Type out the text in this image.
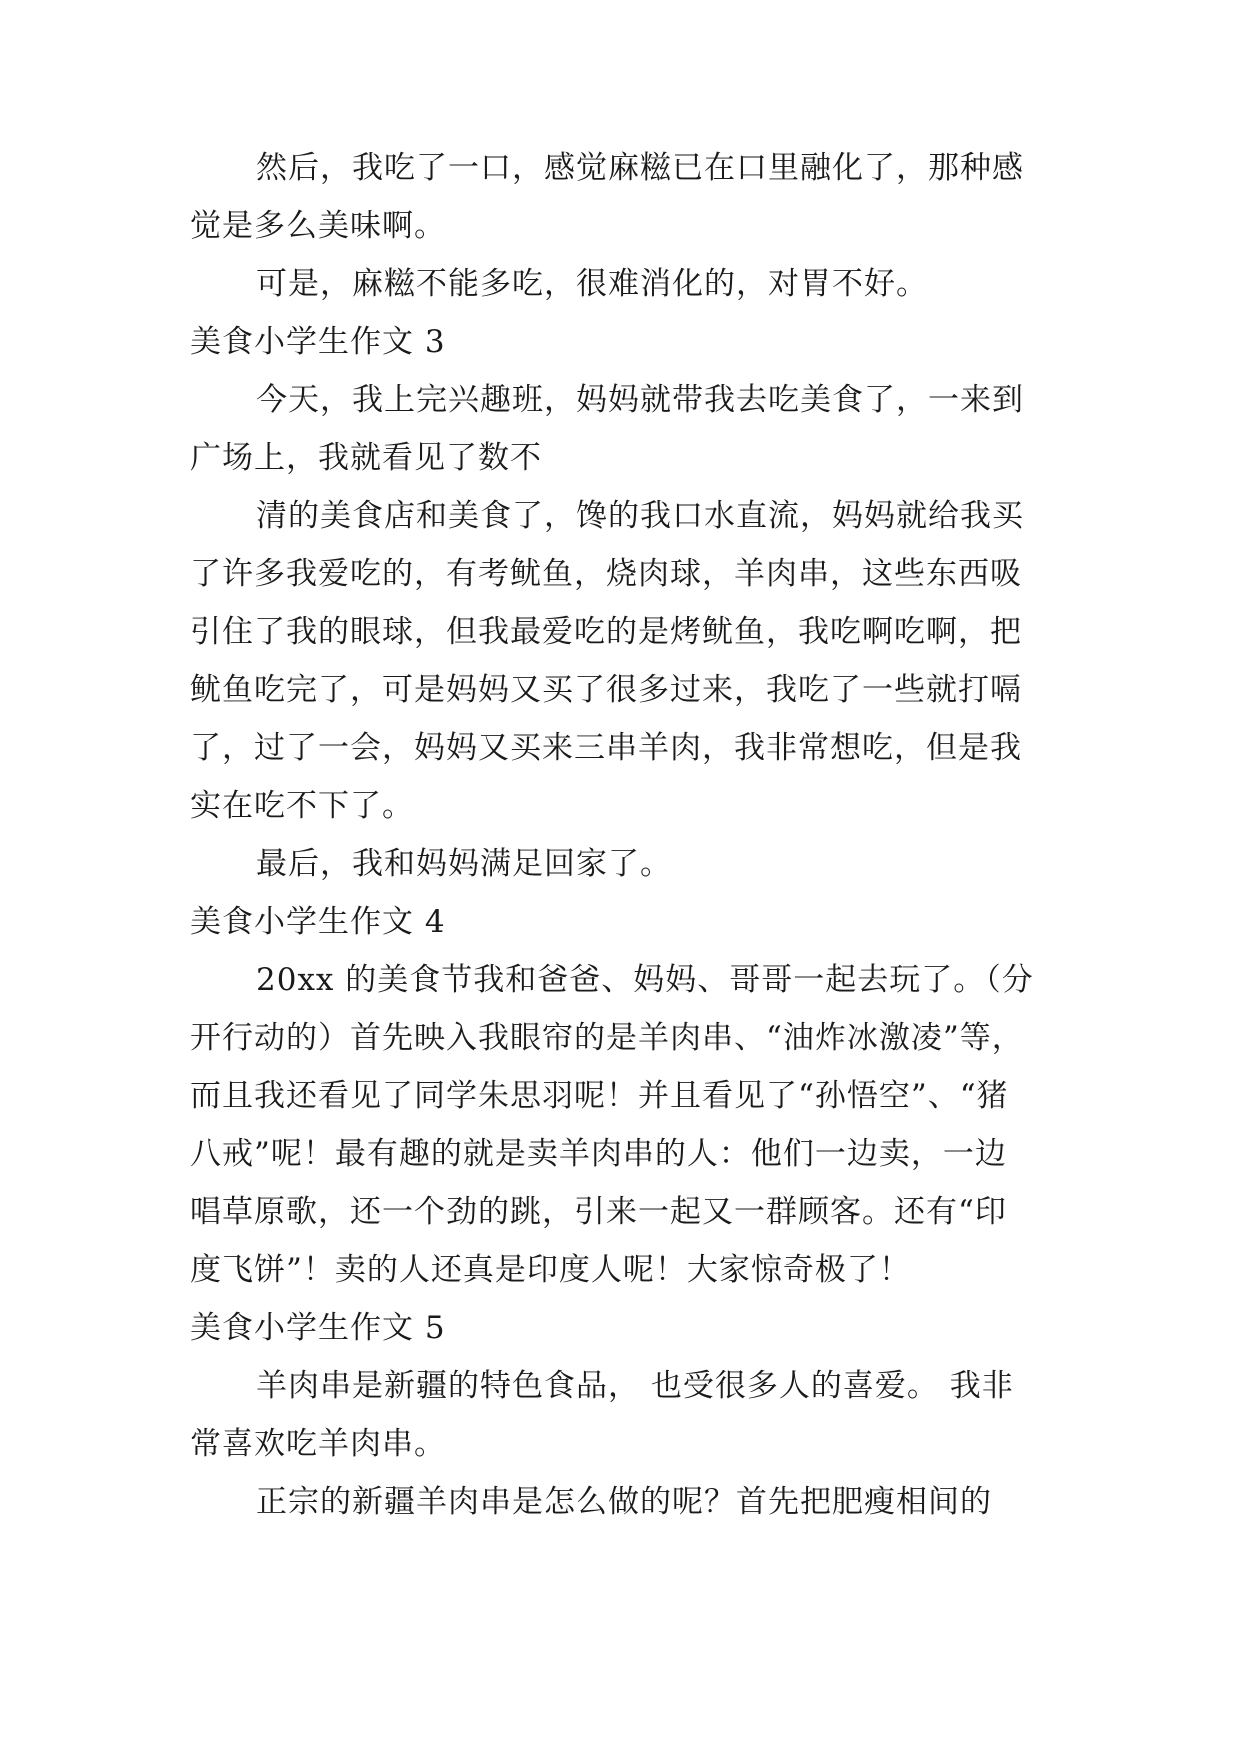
然后，我吃了一口，感觉麻糍已在口里融化了，那种感

觉是多么美味啊。

可是，麻糍不能多吃，很难消化的，对胃不好。

美食小学生作文 3

今天，我上完兴趣班，妈妈就带我去吃美食了，一来到

广场上，我就看见了数不

清的美食店和美食了，馋的我口水直流，妈妈就给我买

了许多我爱吃的，有考鱿鱼，烧肉球，羊肉串，这些东西吸

引住了我的眼球，但我最爱吃的是烤鱿鱼，我吃啊吃啊，把

鱿鱼吃完了，可是妈妈又买了很多过来，我吃了一些就打嗝

了，过了一会，妈妈又买来三串羊肉，我非常想吃，但是我

实在吃不下了。

最后，我和妈妈满足回家了。

美食小学生作文 4

20xx 的美食节我和爸爸、妈妈、哥哥一起去玩了。（分

开行动的）首先映入我眼帘的是羊肉串、“油炸冰激凌”等，

而且我还看见了同学朱思羽呢！并且看见了“孙悟空”、“猪

八戒”呢！最有趣的就是卖羊肉串的人：他们一边卖，一边

唱草原歌，还一个劲的跳，引来一起又一群顾客。还有“印

度飞饼”！卖的人还真是印度人呢！大家惊奇极了！

美食小学生作文 5

羊肉串是新疆的特色食品， 也受很多人的喜爱。 我非

常喜欢吃羊肉串。

正宗的新疆羊肉串是怎么做的呢？首先把肥瘦相间的
